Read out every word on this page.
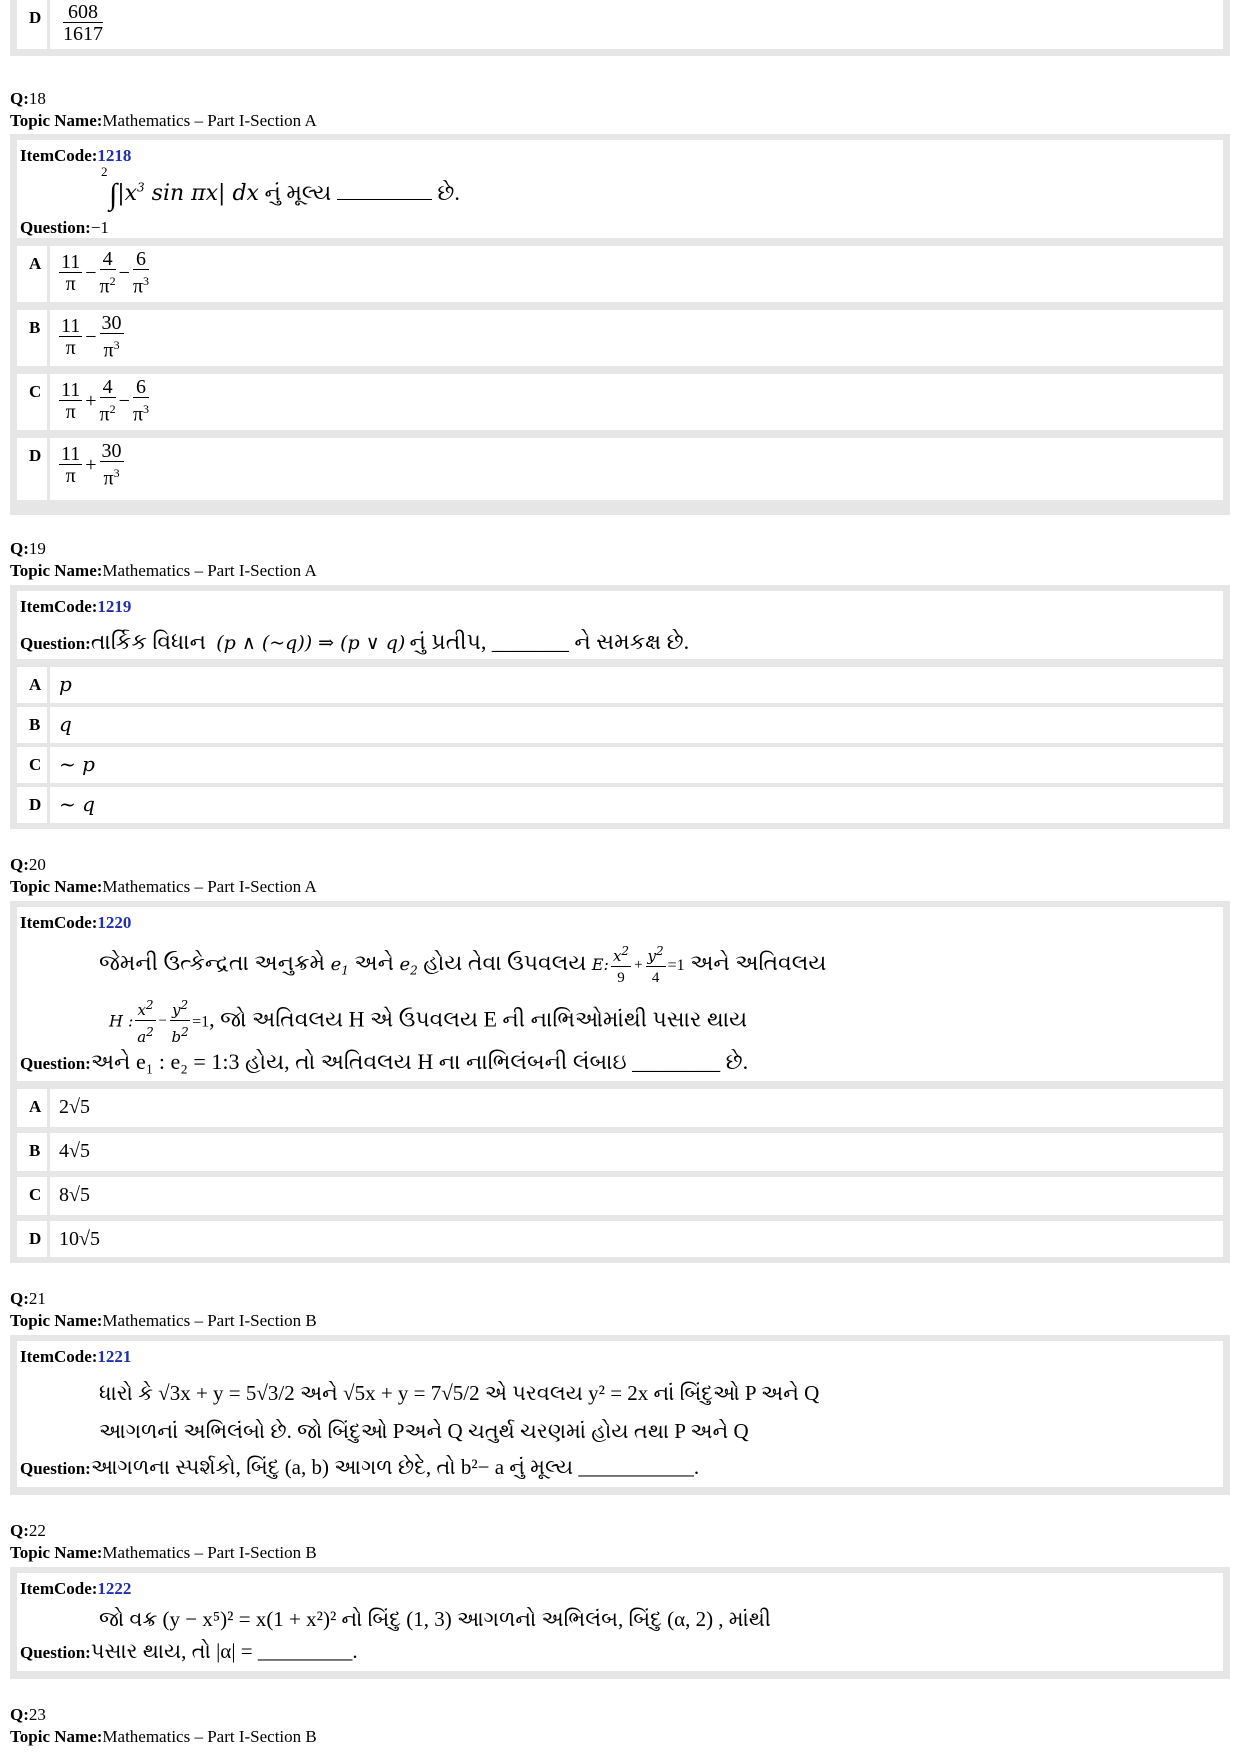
D $\frac{608}{1617}$
Q:18
Topic Name:Mathematics – Part I-Section A
ItemCode:1218
2
$\int|x^3$ sin πx| dx નું મૂલ્ય	છે.
Question:−1
A $\frac{11}{\pi} - \frac{4}{\pi^2} - \frac{6}{\pi^3}$
B $\frac{11}{\pi} - \frac{30}{\pi^3}$
C $\frac{11}{\pi} + \frac{4}{\pi^2} - \frac{6}{\pi^3}$
D $\frac{11}{\pi} + \frac{30}{\pi^3}$
Q:19
Topic Name:Mathematics – Part I-Section A
ItemCode:1219
Question:તાર્કિક વિધાન (p ∧ (~q)) ⇒ (p ∨ q) નું પ્રતીપ, _______ ને સમકક્ષ છે.
A p
B q
C ~ p
D ~ q
Q:20
Topic Name:Mathematics – Part I-Section A
ItemCode:1220
જેમની ઉત્કેન્દ્રતા અનુક્રમે $e_1$ અને $e_2$ હોય તેવા ઉપવલય E: $\frac{x^2}{9} + \frac{y^2}{4} =1$ અને અતિવલય
H : $\frac{x^2}{a^2} - \frac{y^2}{b^2} =1$, જો અતિવલય H એ ઉપવલય E ની નાભિઓમાંથી પસાર થાય
Question:અને e₁ : e₂ = 1:3 હોય, તો અતિવલય H ના નાભિલંબની લંબાઇ ________ છે.
A 2√5
B 4√5
C 8√5
D 10√5
Q:21
Topic Name:Mathematics – Part I-Section B
ItemCode:1221
ધારો કે √3x + y = 5√3/2 અને √5x + y = 7√5/2 એ પરવલય y² = 2x નાં બિંદુઓ P અને Q
આગળનાં અભિલંબો છે. જો બિંદુઓ Pઅને Q ચતુર્થ ચરણમાં હોય તથા P અને Q
Question:આગળના સ્પર્શકો, બિંદુ (a, b) આગળ છેદે, તો b²− a નું મૂલ્ય ___________.
Q:22
Topic Name:Mathematics – Part I-Section B
ItemCode:1222
જો વક્ર (y − x⁵)² = x(1 + x²)² નો બિંદુ (1, 3) આગળનો અભિલંબ, બિંદુ (α, 2) , માંથી
Question:પસાર થાય, તો |α| = _________.
Q:23
Topic Name:Mathematics – Part I-Section B
